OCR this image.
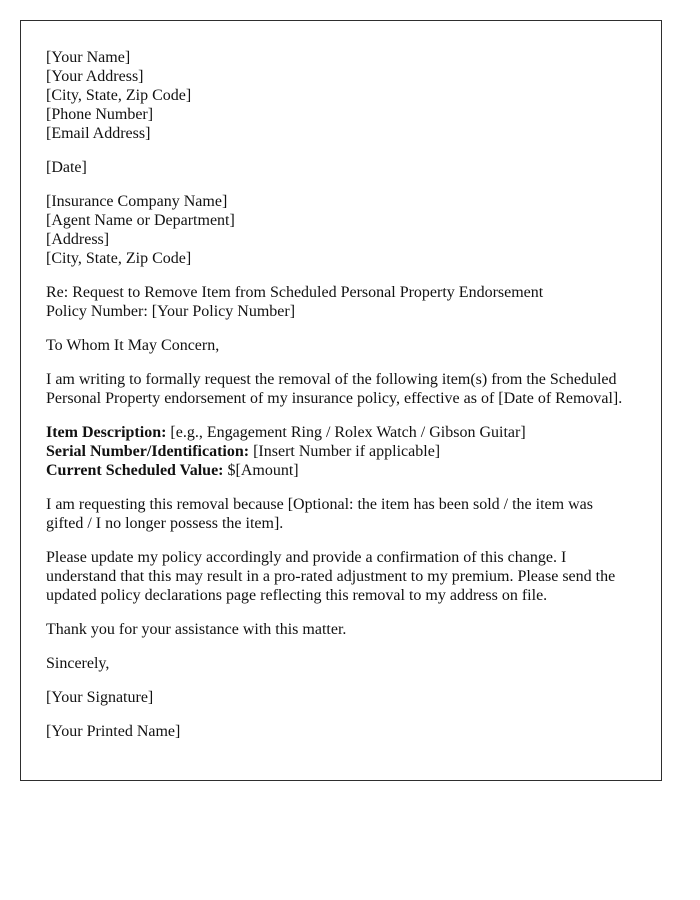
[Your Name]
[Your Address]
[City, State, Zip Code]
[Phone Number]
[Email Address]
[Date]
[Insurance Company Name]
[Agent Name or Department]
[Address]
[City, State, Zip Code]
Re: Request to Remove Item from Scheduled Personal Property Endorsement
Policy Number: [Your Policy Number]
To Whom It May Concern,
I am writing to formally request the removal of the following item(s) from the Scheduled
Personal Property endorsement of my insurance policy, effective as of [Date of Removal].
Item Description: [e.g., Engagement Ring / Rolex Watch / Gibson Guitar]
Serial Number/Identification: [Insert Number if applicable]
Current Scheduled Value: $[Amount]
I am requesting this removal because [Optional: the item has been sold / the item was
gifted / I no longer possess the item].
Please update my policy accordingly and provide a confirmation of this change. I
understand that this may result in a pro-rated adjustment to my premium. Please send the
updated policy declarations page reflecting this removal to my address on file.
Thank you for your assistance with this matter.
Sincerely,
[Your Signature]
[Your Printed Name]
